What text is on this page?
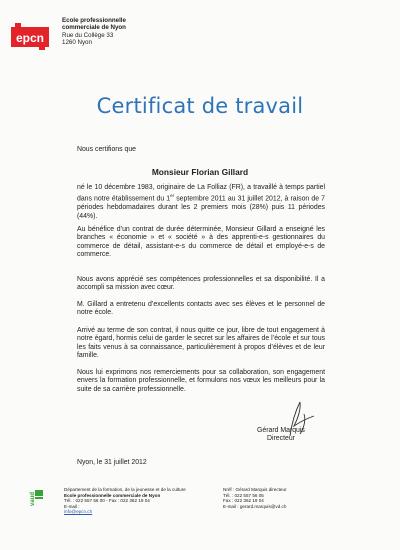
epcn
Ecole professionnelle
commerciale de Nyon
Rue du Collège 33
1260 Nyon
Certificat de travail
Nous certifions que
Monsieur Florian Gillard
né le 10 décembre 1983, originaire de La Folliaz (FR), a travaillé à temps partiel dans notre établissement du 1er septembre 2011 au 31 juillet 2012, à raison de 7 périodes hebdomadaires durant les 2 premiers mois (28%) puis 11 périodes (44%).
Au bénéfice d’un contrat de durée déterminée, Monsieur Gillard a enseigné les branches « économie » et « société » à des apprenti-e-s gestionnaires du commerce de détail, assistant-e-s du commerce de détail et employé-e-s de commerce.
Nous avons apprécié ses compétences professionnelles et sa disponibilité. Il a accompli sa mission avec cœur.
M. Gillard a entretenu d’excellents contacts avec ses élèves et le personnel de notre école.
Arrivé au terme de son contrat, il nous quitte ce jour, libre de tout engagement à notre égard, hormis celui de garder le secret sur les affaires de l’école et sur tous les faits venus à sa connaissance, particulièrement à propos d’élèves et de leur famille.
Nous lui exprimons nos remerciements pour sa collaboration, son engagement envers la formation professionnelle, et formulons nos vœux les meilleurs pour la suite de sa carrière professionnelle.
Gérard Marquis
Directeur
Nyon, le 31 juillet 2012
vaud
Département de la formation, de la jeunesse et de la culture
Ecole professionnelle commerciale de Nyon
Tél. : 022 557 56 00 - Fax : 022 362 19 04
E-mail :
info@epcn.ch
Nréf : Gérard Marquis directeur
Tél. : 022 557 56 05
Fax : 022 362 19 04
E-mail : gerard.marquis@vd.ch
